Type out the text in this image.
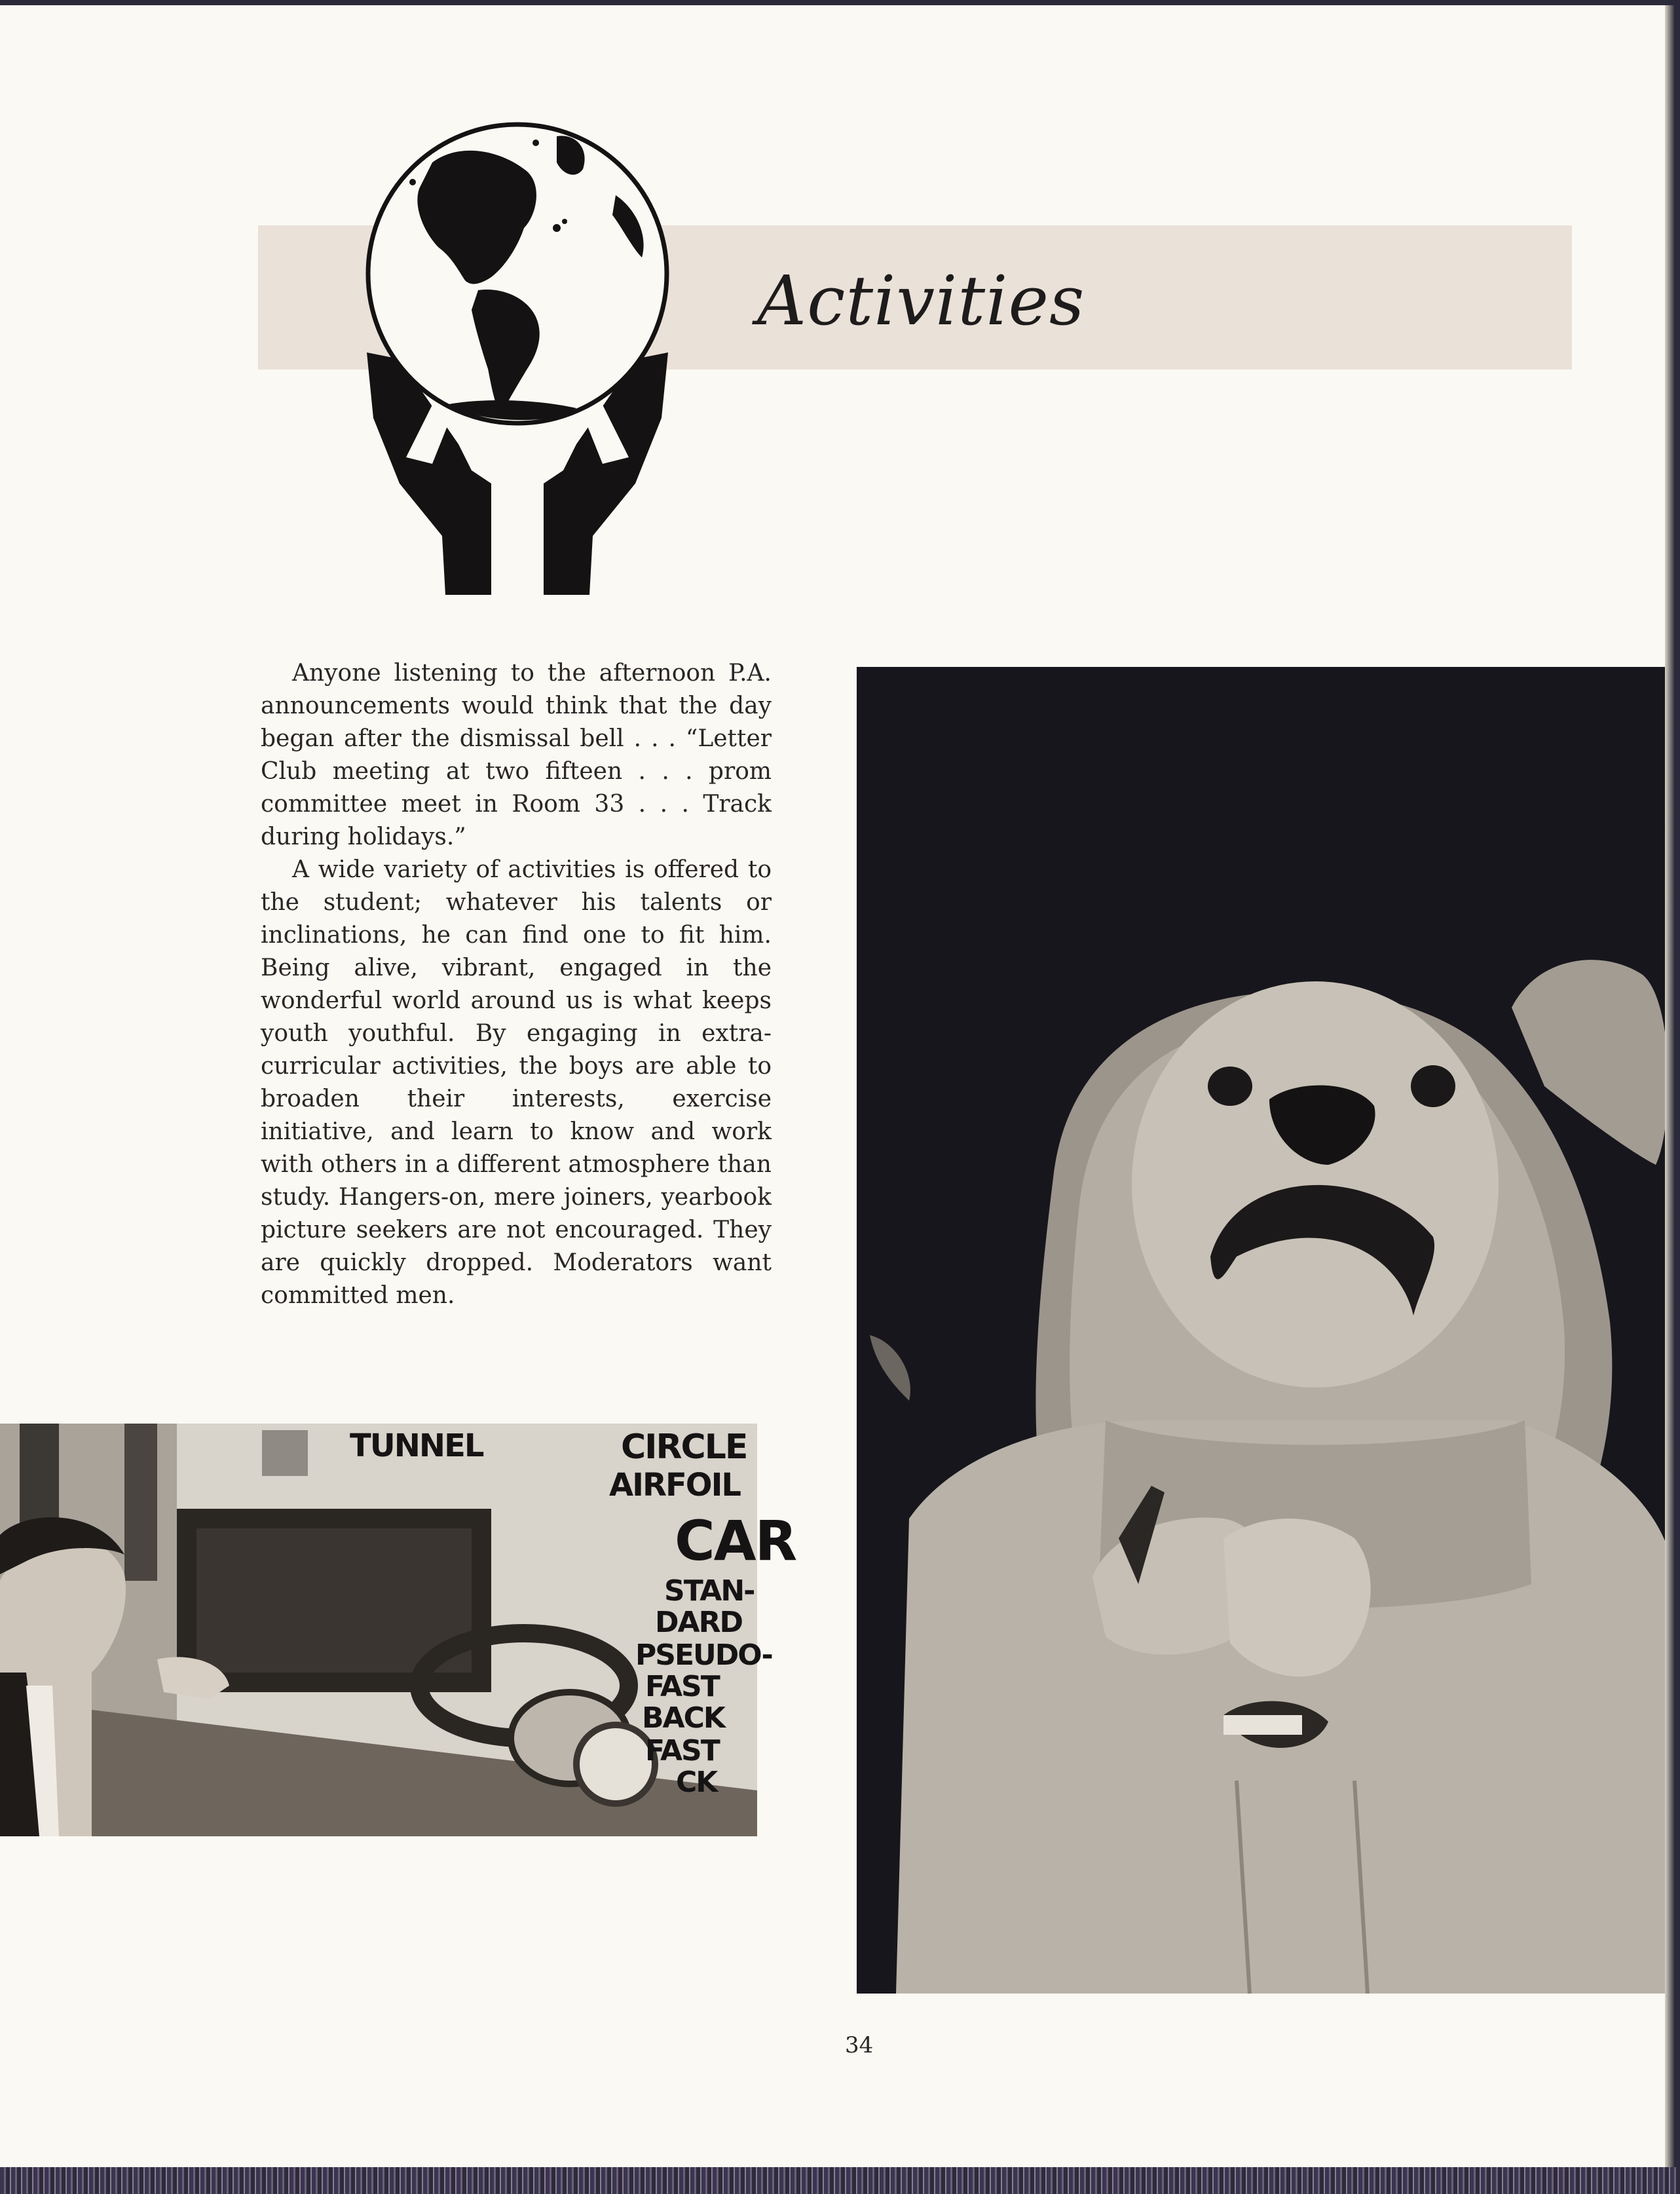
Activities

Anyone listening to the afternoon P.A. announcements would think that the day began after the dismissal bell . . . “Letter Club meeting at two fifteen . . . prom committee meet in Room 33 . . . Track during holidays.”

A wide variety of activities is offered to the student; whatever his talents or inclinations, he can find one to fit him. Being alive, vibrant, engaged in the wonderful world around us is what keeps youth youthful. By engaging in extra-curricular activities, the boys are able to broaden their interests, exercise initiative, and learn to know and work with others in a different atmosphere than study. Hangers-on, mere joiners, yearbook picture seekers are not encouraged. They are quickly dropped. Moderators want committed men.

TUNNEL	CIRCLE
AIRFOIL
CAR
STAN-
DARD
PSEUDO-
FAST
BACK
FAST
CK
34
